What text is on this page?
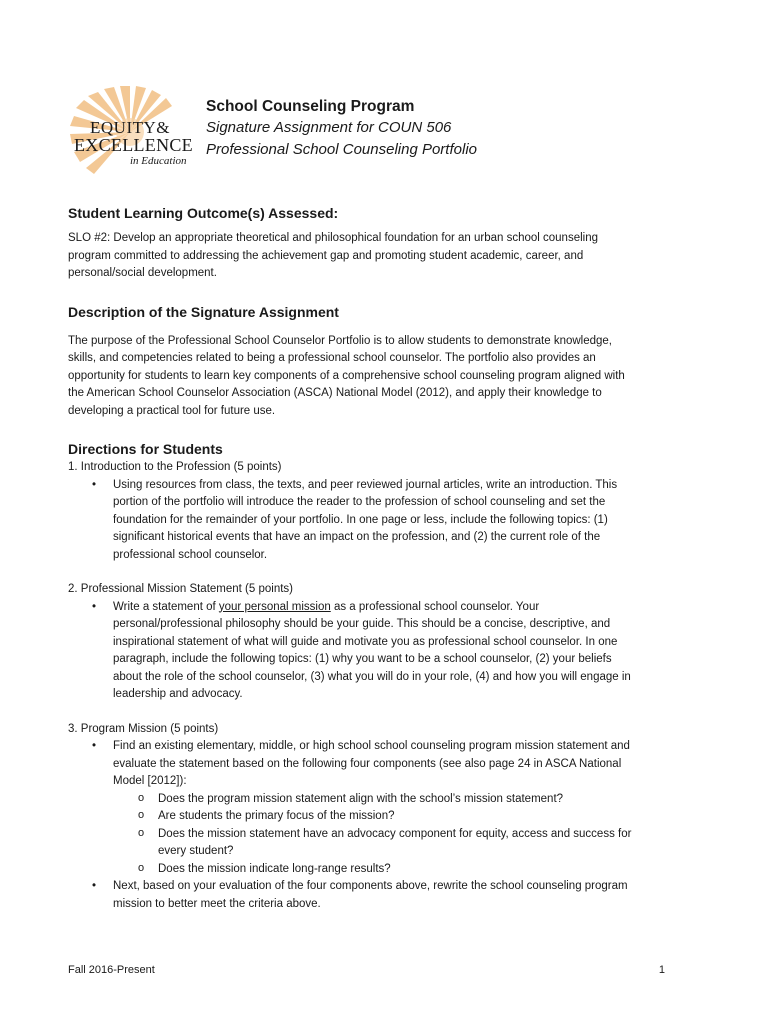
EQUITY&
EXCELLENCE
in Education

School Counseling Program

Signature Assignment for COUN 506

Professional School Counseling Portfolio

Student Learning Outcome(s) Assessed:

SLO #2: Develop an appropriate theoretical and philosophical foundation for an urban school counseling

program committed to addressing the achievement gap and promoting student academic, career, and

personal/social development.

Description of the Signature Assignment

The purpose of the Professional School Counselor Portfolio is to allow students to demonstrate knowledge,

skills, and competencies related to being a professional school counselor. The portfolio also provides an

opportunity for students to learn key components of a comprehensive school counseling program aligned with

the American School Counselor Association (ASCA) National Model (2012), and apply their knowledge to

developing a practical tool for future use.

Directions for Students

1. Introduction to the Profession (5 points)

• Using resources from class, the texts, and peer reviewed journal articles, write an introduction. This
portion of the portfolio will introduce the reader to the profession of school counseling and set the
foundation for the remainder of your portfolio. In one page or less, include the following topics: (1)
significant historical events that have an impact on the profession, and (2) the current role of the
professional school counselor.

2. Professional Mission Statement (5 points)

• Write a statement of your personal mission as a professional school counselor. Your
personal/professional philosophy should be your guide. This should be a concise, descriptive, and
inspirational statement of what will guide and motivate you as professional school counselor. In one
paragraph, include the following topics: (1) why you want to be a school counselor, (2) your beliefs
about the role of the school counselor, (3) what you will do in your role, (4) and how you will engage in
leadership and advocacy.

3. Program Mission (5 points)

• Find an existing elementary, middle, or high school school counseling program mission statement and
evaluate the statement based on the following four components (see also page 24 in ASCA National
Model [2012]):
o Does the program mission statement align with the school’s mission statement?
o Are students the primary focus of the mission?
o Does the mission statement have an advocacy component for equity, access and success for
every student?
o Does the mission indicate long-range results?
• Next, based on your evaluation of the four components above, rewrite the school counseling program
mission to better meet the criteria above.
Fall 2016-Present	1
